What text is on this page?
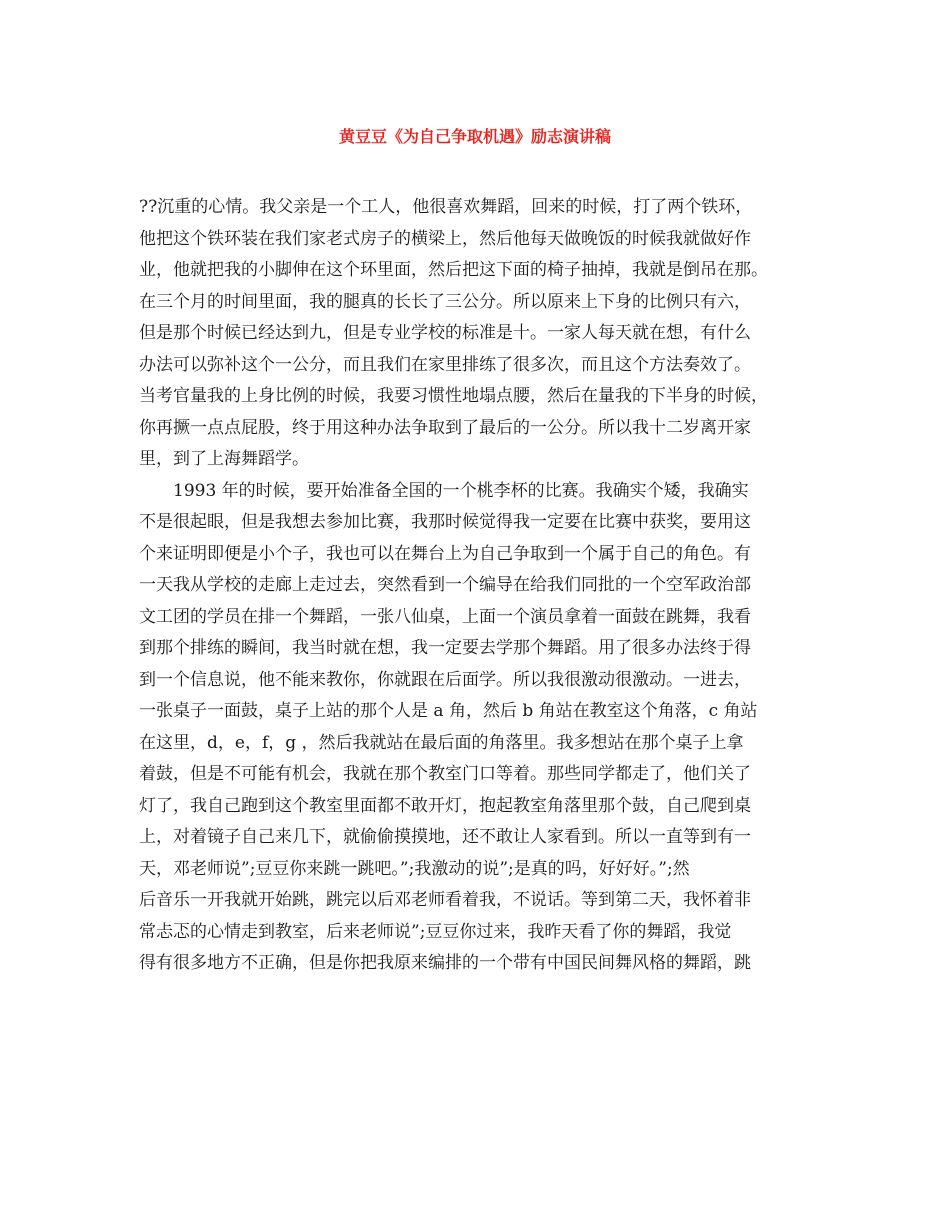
黄豆豆《为自己争取机遇》励志演讲稿

??沉重的心情。我父亲是一个工人，他很喜欢舞蹈，回来的时候，打了两个铁环，
他把这个铁环装在我们家老式房子的横梁上，然后他每天做晚饭的时候我就做好作
业，他就把我的小脚伸在这个环里面，然后把这下面的椅子抽掉，我就是倒吊在那。
在三个月的时间里面，我的腿真的长长了三公分。所以原来上下身的比例只有六，
但是那个时候已经达到九，但是专业学校的标准是十。一家人每天就在想，有什么
办法可以弥补这个一公分，而且我们在家里排练了很多次，而且这个方法奏效了。
当考官量我的上身比例的时候，我要习惯性地塌点腰，然后在量我的下半身的时候，
你再撅一点点屁股，终于用这种办法争取到了最后的一公分。所以我十二岁离开家
里，到了上海舞蹈学。

1993 年的时候，要开始准备全国的一个桃李杯的比赛。我确实个矮，我确实
不是很起眼，但是我想去参加比赛，我那时候觉得我一定要在比赛中获奖，要用这
个来证明即便是小个子，我也可以在舞台上为自己争取到一个属于自己的角色。有
一天我从学校的走廊上走过去，突然看到一个编导在给我们同批的一个空军政治部
文工团的学员在排一个舞蹈，一张八仙桌，上面一个演员拿着一面鼓在跳舞，我看
到那个排练的瞬间，我当时就在想，我一定要去学那个舞蹈。用了很多办法终于得
到一个信息说，他不能来教你，你就跟在后面学。所以我很激动很激动。一进去，
一张桌子一面鼓，桌子上站的那个人是 a 角，然后 b 角站在教室这个角落，c 角站
在这里，d，e，f，g ，然后我就站在最后面的角落里。我多想站在那个桌子上拿
着鼓，但是不可能有机会，我就在那个教室门口等着。那些同学都走了，他们关了
灯了，我自己跑到这个教室里面都不敢开灯，抱起教室角落里那个鼓，自己爬到桌
上，对着镜子自己来几下，就偷偷摸摸地，还不敢让人家看到。所以一直等到有一
天，邓老师说”;豆豆你来跳一跳吧。”;我激动的说”;是真的吗，好好好。”;然
后音乐一开我就开始跳，跳完以后邓老师看着我，不说话。等到第二天，我怀着非
常忐忑的心情走到教室，后来老师说”;豆豆你过来，我昨天看了你的舞蹈，我觉
得有很多地方不正确，但是你把我原来编排的一个带有中国民间舞风格的舞蹈，跳
